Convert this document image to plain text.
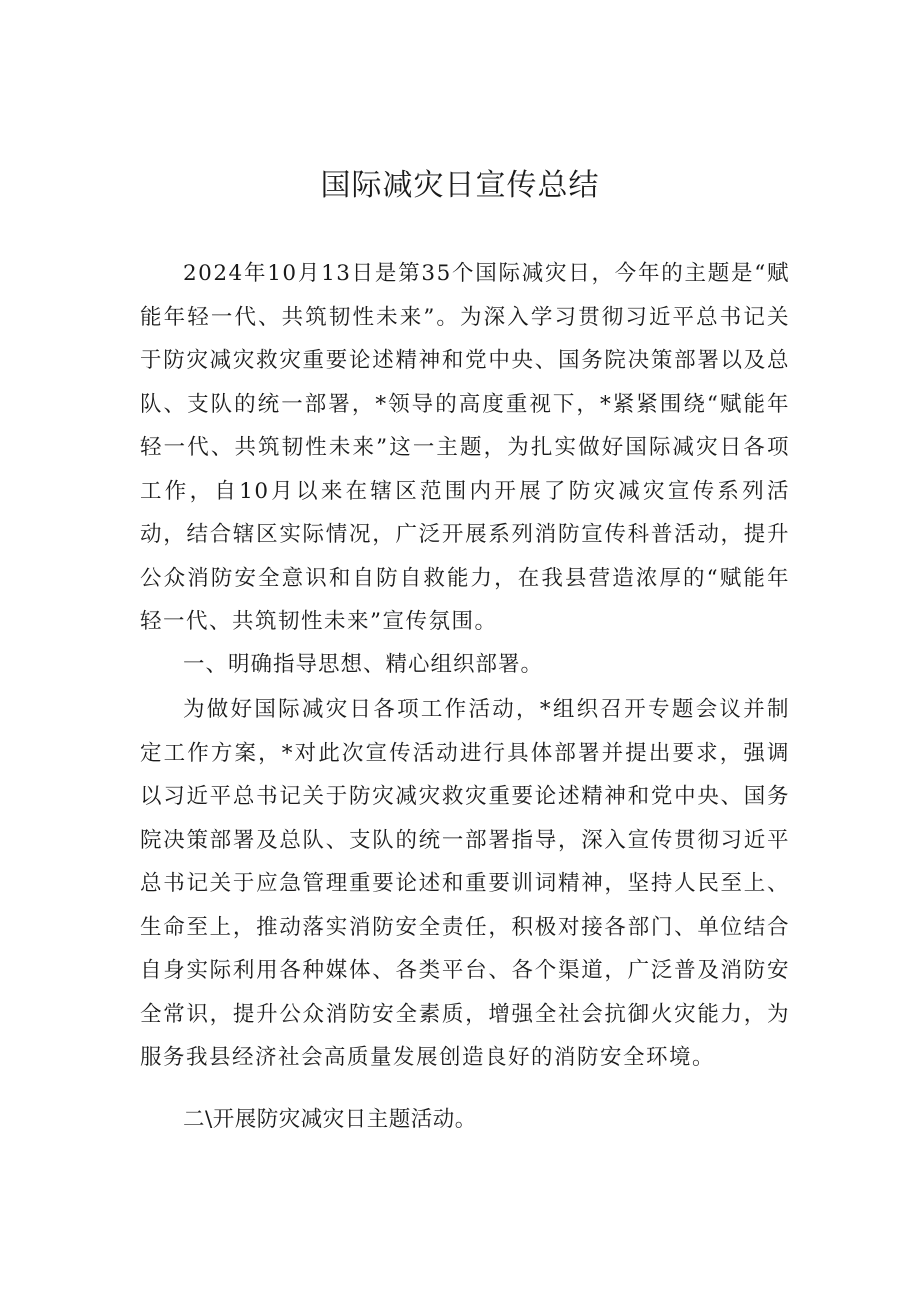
国际减灾日宣传总结

2024年10月13日是第35个国际减灾日，今年的主题是“赋能年轻一代、共筑韧性未来”。为深入学习贯彻习近平总书记关于防灾减灾救灾重要论述精神和党中央、国务院决策部署以及总队、支队的统一部署，*领导的高度重视下，*紧紧围绕“赋能年轻一代、共筑韧性未来”这一主题，为扎实做好国际减灾日各项工作，自10月以来在辖区范围内开展了防灾减灾宣传系列活动，结合辖区实际情况，广泛开展系列消防宣传科普活动，提升公众消防安全意识和自防自救能力，在我县营造浓厚的“赋能年轻一代、共筑韧性未来”宣传氛围。

一、明确指导思想、精心组织部署。

为做好国际减灾日各项工作活动，*组织召开专题会议并制定工作方案，*对此次宣传活动进行具体部署并提出要求，强调以习近平总书记关于防灾减灾救灾重要论述精神和党中央、国务院决策部署及总队、支队的统一部署指导，深入宣传贯彻习近平总书记关于应急管理重要论述和重要训词精神，坚持人民至上、生命至上，推动落实消防安全责任，积极对接各部门、单位结合自身实际利用各种媒体、各类平台、各个渠道，广泛普及消防安全常识，提升公众消防安全素质，增强全社会抗御火灾能力，为服务我县经济社会高质量发展创造良好的消防安全环境。

二\开展防灾减灾日主题活动。
